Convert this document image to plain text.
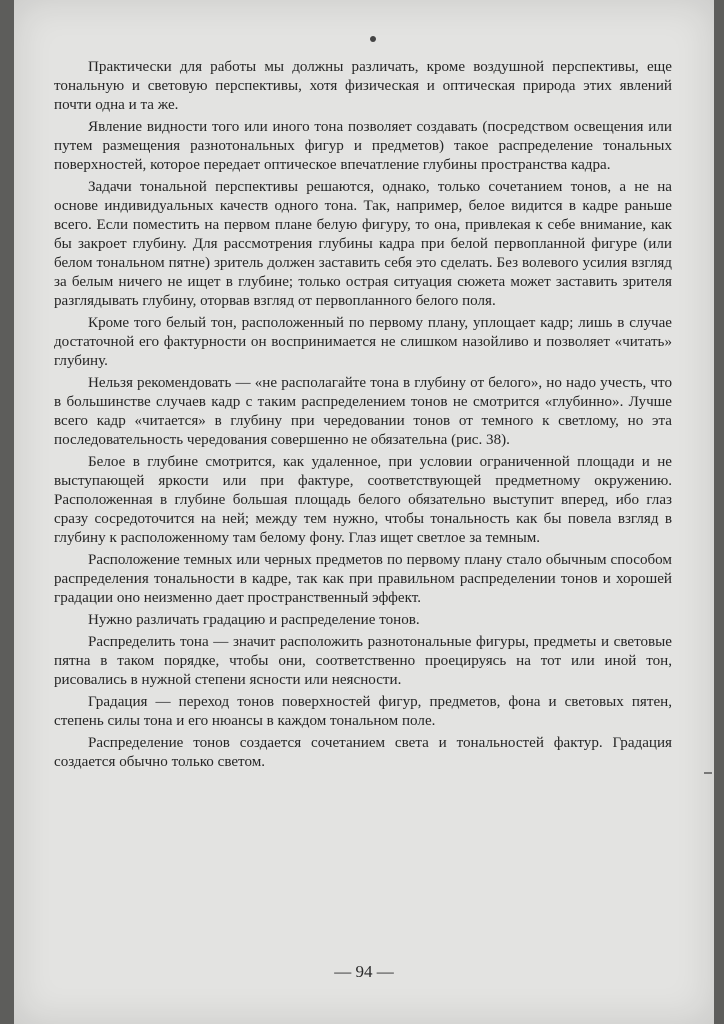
Практически для работы мы должны различать, кроме воздушной перспективы, еще тональную и световую перспективы, хотя физическая и оптическая природа этих явлений почти одна и та же.

Явление видности того или иного тона позволяет создавать (посредством освещения или путем размещения разнотональных фигур и предметов) такое распределение тональных поверхностей, которое передает оптическое впечатление глубины пространства кадра.

Задачи тональной перспективы решаются, однако, только сочетанием тонов, а не на основе индивидуальных качеств одного тона. Так, например, белое видится в кадре раньше всего. Если поместить на первом плане белую фигуру, то она, привлекая к себе внимание, как бы закроет глубину. Для рассмотрения глубины кадра при белой первопланной фигуре (или белом тональном пятне) зритель должен заставить себя это сделать. Без волевого усилия взгляд за белым ничего не ищет в глубине; только острая ситуация сюжета может заставить зрителя разглядывать глубину, оторвав взгляд от первопланного белого поля.

Кроме того белый тон, расположенный по первому плану, уплощает кадр; лишь в случае достаточной его фактурности он воспринимается не слишком назойливо и позволяет «читать» глубину.

Нельзя рекомендовать — «не располагайте тона в глубину от белого», но надо учесть, что в большинстве случаев кадр с таким распределением тонов не смотрится «глубинно». Лучше всего кадр «читается» в глубину при чередовании тонов от темного к светлому, но эта последовательность чередования совершенно не обязательна (рис. 38).

Белое в глубине смотрится, как удаленное, при условии ограниченной площади и не выступающей яркости или при фактуре, соответствующей предметному окружению. Расположенная в глубине большая площадь белого обязательно выступит вперед, ибо глаз сразу сосредоточится на ней; между тем нужно, чтобы тональность как бы повела взгляд в глубину к расположенному там белому фону. Глаз ищет светлое за темным.

Расположение темных или черных предметов по первому плану стало обычным способом распределения тональности в кадре, так как при правильном распределении тонов и хорошей градации оно неизменно дает пространственный эффект.

Нужно различать градацию и распределение тонов.

Распределить тона — значит расположить разнотональные фигуры, предметы и световые пятна в таком порядке, чтобы они, соответственно проецируясь на тот или иной тон, рисовались в нужной степени ясности или неясности.

Градация — переход тонов поверхностей фигур, предметов, фона и световых пятен, степень силы тона и его нюансы в каждом тональном поле.

Распределение тонов создается сочетанием света и тональностей фактур. Градация создается обычно только светом.

— 94 —
